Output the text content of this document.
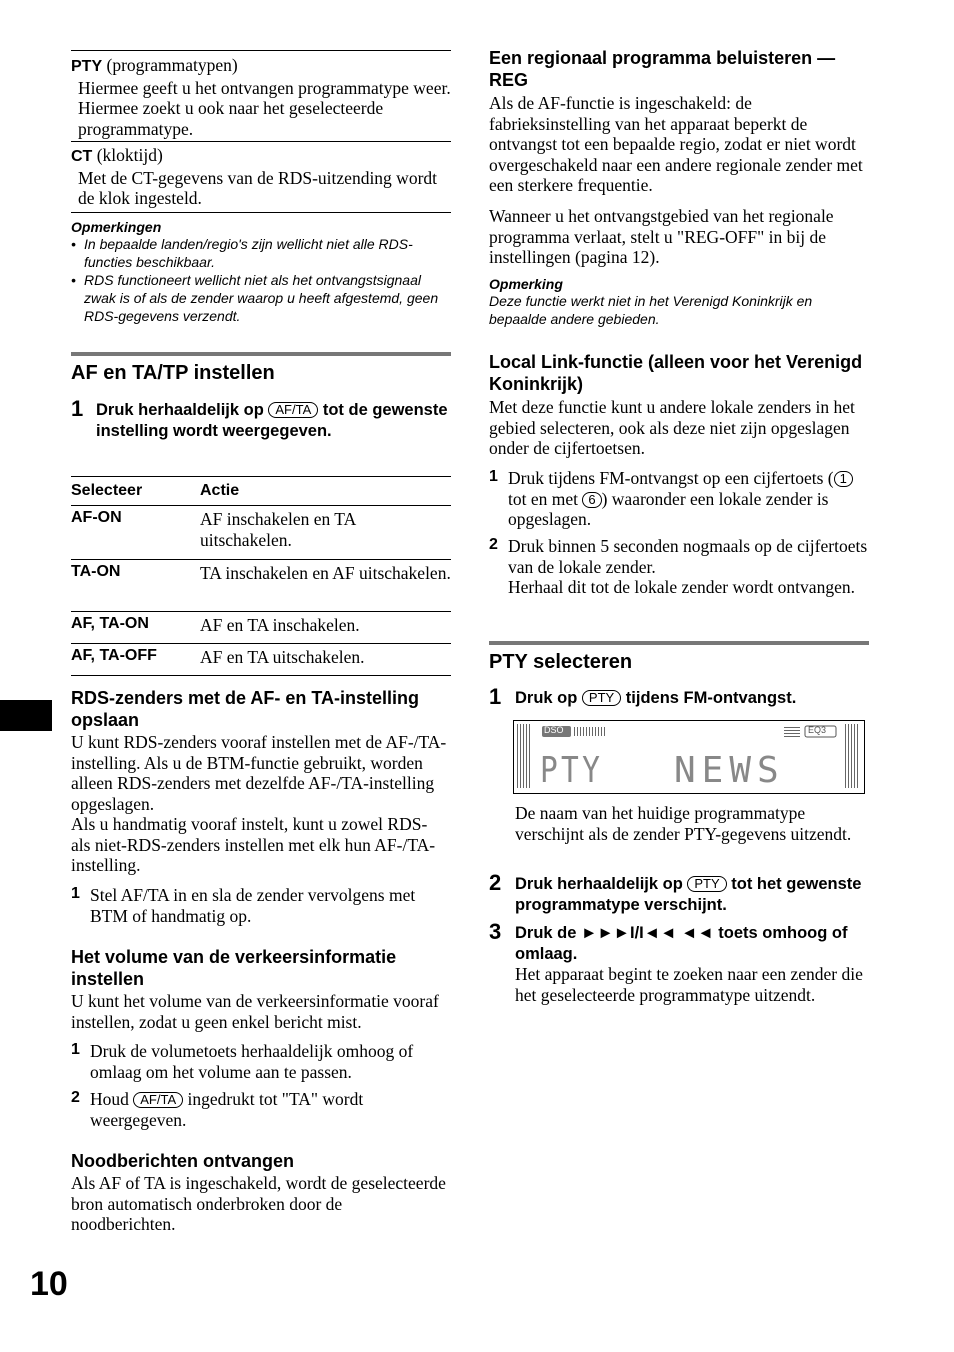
PTY (programmatypen)
Hiermee geeft u het ontvangen programmatype weer. Hiermee zoekt u ook naar het geselecteerde programmatype.
CT (kloktijd)
Met de CT-gegevens van de RDS-uitzending wordt de klok ingesteld.
Opmerkingen
• In bepaalde landen/regio's zijn wellicht niet alle RDS-functies beschikbaar.
• RDS functioneert wellicht niet als het ontvangstsignaal zwak is of als de zender waarop u heeft afgestemd, geen RDS-gegevens verzendt.
AF en TA/TP instellen
1 Druk herhaaldelijk op AF/TA tot de gewenste instelling wordt weergegeven.
Selecteer	Actie
AF-ON	AF inschakelen en TA uitschakelen.
TA-ON	TA inschakelen en AF uitschakelen.
AF, TA-ON	AF en TA inschakelen.
AF, TA-OFF	AF en TA uitschakelen.
RDS-zenders met de AF- en TA-instelling opslaan
U kunt RDS-zenders vooraf instellen met de AF-/TA-instelling. Als u de BTM-functie gebruikt, worden alleen RDS-zenders met dezelfde AF-/TA-instelling opgeslagen.
Als u handmatig vooraf instelt, kunt u zowel RDS- als niet-RDS-zenders instellen met elk hun AF-/TA-instelling.
1 Stel AF/TA in en sla de zender vervolgens met BTM of handmatig op.
Het volume van de verkeersinformatie instellen
U kunt het volume van de verkeersinformatie vooraf instellen, zodat u geen enkel bericht mist.
1 Druk de volumetoets herhaaldelijk omhoog of omlaag om het volume aan te passen.
2 Houd AF/TA ingedrukt tot "TA" wordt weergegeven.
Noodberichten ontvangen
Als AF of TA is ingeschakeld, wordt de geselecteerde bron automatisch onderbroken door de noodberichten.
Een regionaal programma beluisteren — REG
Als de AF-functie is ingeschakeld: de fabrieksinstelling van het apparaat beperkt de ontvangst tot een bepaalde regio, zodat er niet wordt overgeschakeld naar een andere regionale zender met een sterkere frequentie.
Wanneer u het ontvangstgebied van het regionale programma verlaat, stelt u "REG-OFF" in bij de instellingen (pagina 12).
Opmerking
Deze functie werkt niet in het Verenigd Koninkrijk en bepaalde andere gebieden.
Local Link-functie (alleen voor het Verenigd Koninkrijk)
Met deze functie kunt u andere lokale zenders in het gebied selecteren, ook als deze niet zijn opgeslagen onder de cijfertoetsen.
1 Druk tijdens FM-ontvangst op een cijfertoets ( 1 tot en met 6 ) waaronder een lokale zender is opgeslagen.
2 Druk binnen 5 seconden nogmaals op de cijfertoets van de lokale zender.
Herhaal dit tot de lokale zender wordt ontvangen.
PTY selecteren
1 Druk op PTY tijdens FM-ontvangst.
DSO	EQ3
PTY NEWS
De naam van het huidige programmatype verschijnt als de zender PTY-gegevens uitzendt.
2 Druk herhaaldelijk op PTY tot het gewenste programmatype verschijnt.
3 Druk de ►►►I/I◄◄ ◄◄ toets omhoog of omlaag.
Het apparaat begint te zoeken naar een zender die het geselecteerde programmatype uitzendt.
10
